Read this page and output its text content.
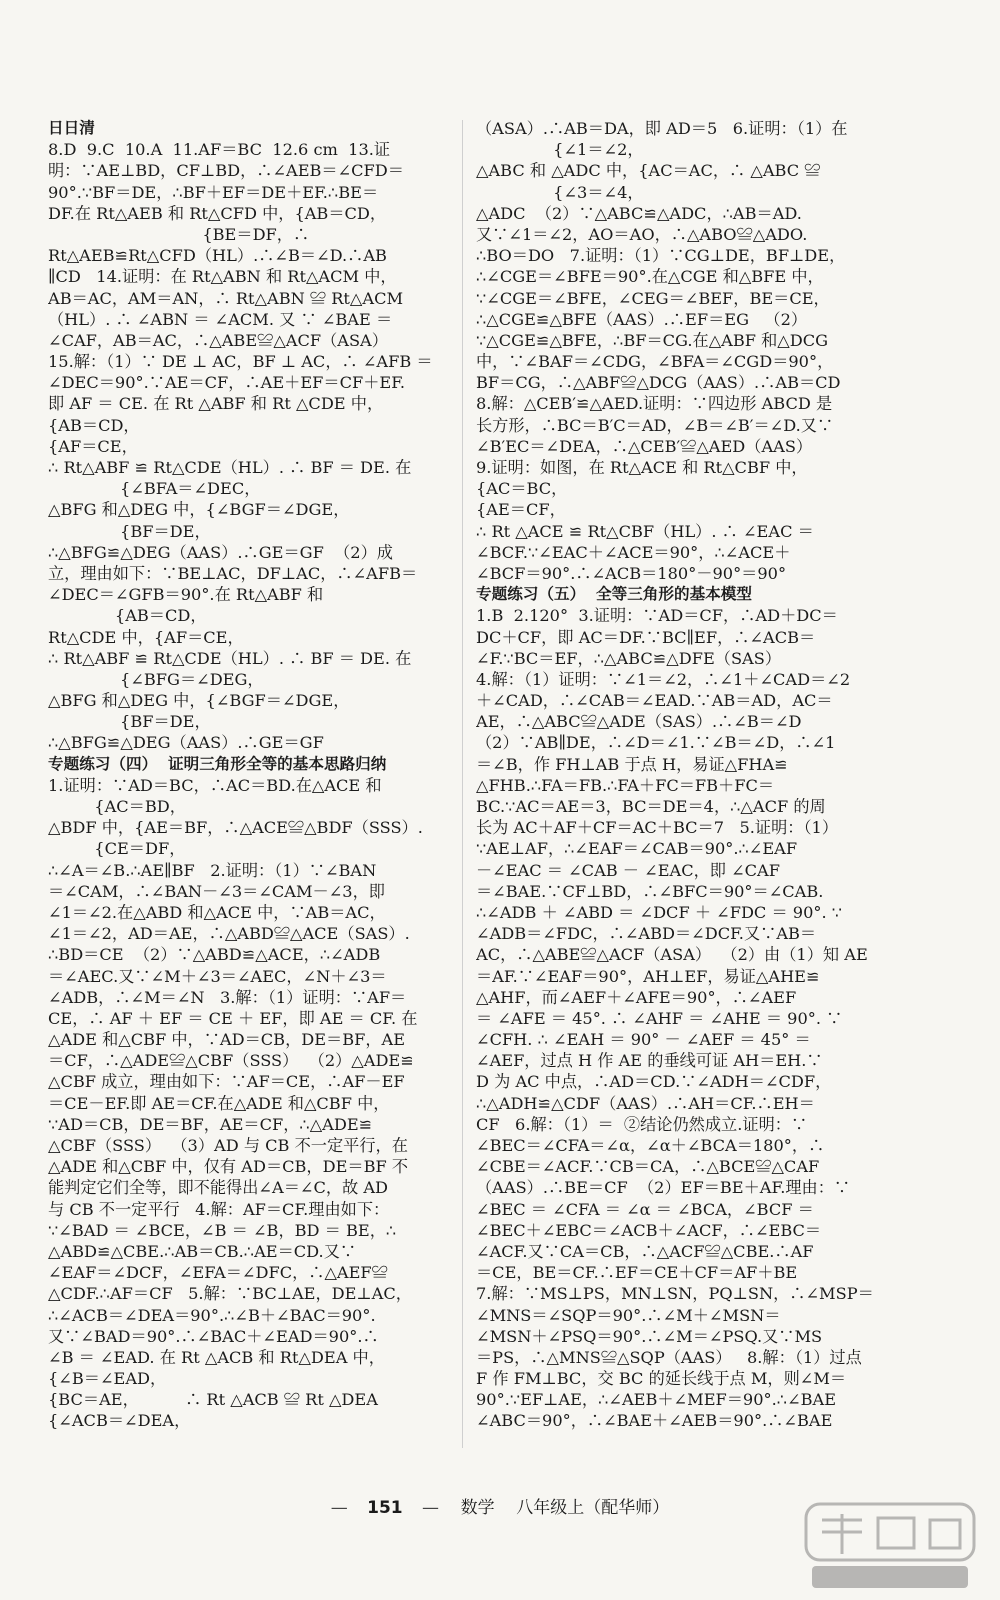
日日清
8.D  9.C  10.A  11.AF＝BC  12.6 cm  13.证
明：∵AE⊥BD，CF⊥BD，∴∠AEB＝∠CFD＝
90°.∵BF＝DE，∴BF＋EF＝DE＋EF.∴BE＝
DF.在 Rt△AEB 和 Rt△CFD 中，{AB＝CD，
{BE＝DF，∴
Rt△AEB≌Rt△CFD（HL）.∴∠B＝∠D.∴AB
∥CD   14.证明：在 Rt△ABN 和 Rt△ACM 中，
AB＝AC，AM＝AN，∴ Rt△ABN ≌ Rt△ACM
（HL）. ∴ ∠ABN ＝ ∠ACM. 又 ∵ ∠BAE ＝
∠CAF，AB＝AC，∴△ABE≌△ACF（ASA）
15.解：（1）∵ DE ⊥ AC，BF ⊥ AC，∴ ∠AFB ＝
∠DEC＝90°.∵AE＝CF，∴AE＋EF＝CF＋EF.
即 AF ＝ CE. 在 Rt △ABF 和 Rt △CDE 中，
{AB＝CD，
{AF＝CE，
∴ Rt△ABF ≌ Rt△CDE（HL）. ∴ BF ＝ DE. 在
{∠BFA＝∠DEC，
△BFG 和△DEG 中，{∠BGF＝∠DGE，
{BF＝DE，
∴△BFG≌△DEG（AAS）.∴GE＝GF  （2）成
立，理由如下：∵BE⊥AC，DF⊥AC，∴∠AFB＝
∠DEC＝∠GFB＝90°.在 Rt△ABF 和
{AB＝CD，
Rt△CDE 中，{AF＝CE，
∴ Rt△ABF ≌ Rt△CDE（HL）. ∴ BF ＝ DE. 在
{∠BFG＝∠DEG，
△BFG 和△DEG 中，{∠BGF＝∠DGE，
{BF＝DE，
∴△BFG≌△DEG（AAS）.∴GE＝GF
专题练习（四）  证明三角形全等的基本思路归纳
1.证明：∵AD＝BC，∴AC＝BD.在△ACE 和
{AC＝BD，
△BDF 中，{AE＝BF，∴△ACE≌△BDF（SSS）.
{CE＝DF，
∴∠A＝∠B.∴AE∥BF   2.证明：（1）∵∠BAN
＝∠CAM，∴∠BAN－∠3＝∠CAM－∠3，即
∠1＝∠2.在△ABD 和△ACE 中，∵AB＝AC，
∠1＝∠2，AD＝AE，∴△ABD≌△ACE（SAS）.
∴BD＝CE  （2）∵△ABD≌△ACE，∴∠ADB
＝∠AEC.又∵∠M＋∠3＝∠AEC，∠N＋∠3＝
∠ADB，∴∠M＝∠N   3.解：（1）证明：∵AF＝
CE，∴ AF ＋ EF ＝ CE ＋ EF，即 AE ＝ CF. 在
△ADE 和△CBF 中，∵AD＝CB，DE＝BF，AE
＝CF，∴△ADE≌△CBF（SSS）  （2）△ADE≌
△CBF 成立，理由如下：∵AF＝CE，∴AF－EF
＝CE－EF.即 AE＝CF.在△ADE 和△CBF 中，
∵AD＝CB，DE＝BF，AE＝CF，∴△ADE≌
△CBF（SSS）  （3）AD 与 CB 不一定平行，在
△ADE 和△CBF 中，仅有 AD＝CB，DE＝BF 不
能判定它们全等，即不能得出∠A＝∠C，故 AD
与 CB 不一定平行   4.解：AF＝CF.理由如下：
∵∠BAD ＝ ∠BCE，∠B ＝ ∠B，BD ＝ BE，∴
△ABD≌△CBE.∴AB＝CB.∴AE＝CD.又∵
∠EAF＝∠DCF，∠EFA＝∠DFC，∴△AEF≌
△CDF.∴AF＝CF   5.解：∵BC⊥AE，DE⊥AC，
∴∠ACB＝∠DEA＝90°.∴∠B＋∠BAC＝90°.
又∵∠BAD＝90°.∴∠BAC＋∠EAD＝90°.∴
∠B ＝ ∠EAD. 在 Rt △ACB 和 Rt△DEA 中，
{∠B＝∠EAD，
{BC＝AE，         ∴ Rt △ACB ≌ Rt △DEA
{∠ACB＝∠DEA，
（ASA）.∴AB＝DA，即 AD＝5   6.证明：（1）在
{∠1＝∠2，
△ABC 和 △ADC 中，{AC＝AC，∴ △ABC ≌
{∠3＝∠4，
△ADC  （2）∵△ABC≌△ADC，∴AB＝AD.
又∵∠1＝∠2，AO＝AO，∴△ABO≌△ADO.
∴BO＝DO   7.证明：（1）∵CG⊥DE，BF⊥DE，
∴∠CGE＝∠BFE＝90°.在△CGE 和△BFE 中，
∵∠CGE＝∠BFE，∠CEG＝∠BEF，BE＝CE，
∴△CGE≌△BFE（AAS）.∴EF＝EG   （2）
∵△CGE≌△BFE，∴BF＝CG.在△ABF 和△DCG
中，∵∠BAF＝∠CDG，∠BFA＝∠CGD＝90°，
BF＝CG，∴△ABF≌△DCG（AAS）.∴AB＝CD
8.解：△CEB′≌△AED.证明：∵四边形 ABCD 是
长方形，∴BC＝B′C＝AD，∠B＝∠B′＝∠D.又∵
∠B′EC＝∠DEA，∴△CEB′≌△AED（AAS）
9.证明：如图，在 Rt△ACE 和 Rt△CBF 中，
{AC＝BC，
{AE＝CF，
∴ Rt △ACE ≌ Rt△CBF（HL）. ∴ ∠EAC ＝
∠BCF.∵∠EAC＋∠ACE＝90°，∴∠ACE＋
∠BCF＝90°.∴∠ACB＝180°－90°＝90°
专题练习（五）  全等三角形的基本模型
1.B  2.120°  3.证明：∵AD＝CF，∴AD＋DC＝
DC＋CF，即 AC＝DF.∵BC∥EF，∴∠ACB＝
∠F.∵BC＝EF，∴△ABC≌△DFE（SAS）
4.解：（1）证明：∵∠1＝∠2，∴∠1＋∠CAD＝∠2
＋∠CAD，∴∠CAB＝∠EAD.∵AB＝AD，AC＝
AE，∴△ABC≌△ADE（SAS）.∴∠B＝∠D
（2）∵AB∥DE，∴∠D＝∠1.∵∠B＝∠D，∴∠1
＝∠B，作 FH⊥AB 于点 H，易证△FHA≌
△FHB.∴FA＝FB.∴FA＋FC＝FB＋FC＝
BC.∵AC＝AE＝3，BC＝DE＝4，∴△ACF 的周
长为 AC＋AF＋CF＝AC＋BC＝7   5.证明：（1）
∵AE⊥AF，∴∠EAF＝∠CAB＝90°.∴∠EAF
－∠EAC ＝ ∠CAB － ∠EAC，即 ∠CAF
＝∠BAE.∵CF⊥BD，∴∠BFC＝90°＝∠CAB.
∴∠ADB ＋ ∠ABD ＝ ∠DCF ＋ ∠FDC ＝ 90°. ∵
∠ADB＝∠FDC，∴∠ABD＝∠DCF.又∵AB＝
AC，∴△ABE≌△ACF（ASA）  （2）由（1）知 AE
＝AF.∵∠EAF＝90°，AH⊥EF，易证△AHE≌
△AHF，而∠AEF＋∠AFE＝90°，∴∠AEF
＝ ∠AFE ＝ 45°. ∴ ∠AHF ＝ ∠AHE ＝ 90°. ∵
∠CFH. ∴ ∠EAH ＝ 90° － ∠AEF ＝ 45° ＝
∠AEF，过点 H 作 AE 的垂线可证 AH＝EH.∵
D 为 AC 中点，∴AD＝CD.∵∠ADH＝∠CDF，
∴△ADH≌△CDF（AAS）.∴AH＝CF.∴EH＝
CF   6.解：（1）＝  ②结论仍然成立.证明：∵
∠BEC＝∠CFA＝∠α，∠α＋∠BCA＝180°，∴
∠CBE＝∠ACF.∵CB＝CA，∴△BCE≌△CAF
（AAS）.∴BE＝CF  （2）EF＝BE＋AF.理由：∵
∠BEC ＝ ∠CFA ＝ ∠α ＝ ∠BCA，∠BCF ＝
∠BEC＋∠EBC＝∠ACB＋∠ACF，∴∠EBC＝
∠ACF.又∵CA＝CB，∴△ACF≌△CBE.∴AF
＝CE，BE＝CF.∴EF＝CE＋CF＝AF＋BE
7.解：∵MS⊥PS，MN⊥SN，PQ⊥SN，∴∠MSP＝
∠MNS＝∠SQP＝90°.∴∠M＋∠MSN＝
∠MSN＋∠PSQ＝90°.∴∠M＝∠PSQ.又∵MS
＝PS，∴△MNS≌△SQP（AAS）   8.解：（1）过点
F 作 FM⊥BC，交 BC 的延长线于点 M，则∠M＝
90°.∵EF⊥AE，∴∠AEB＋∠MEF＝90°.∴∠BAE
∠ABC＝90°，∴∠BAE＋∠AEB＝90°.∴∠BAE
— 151 — 数学 八年级上（配华师）
